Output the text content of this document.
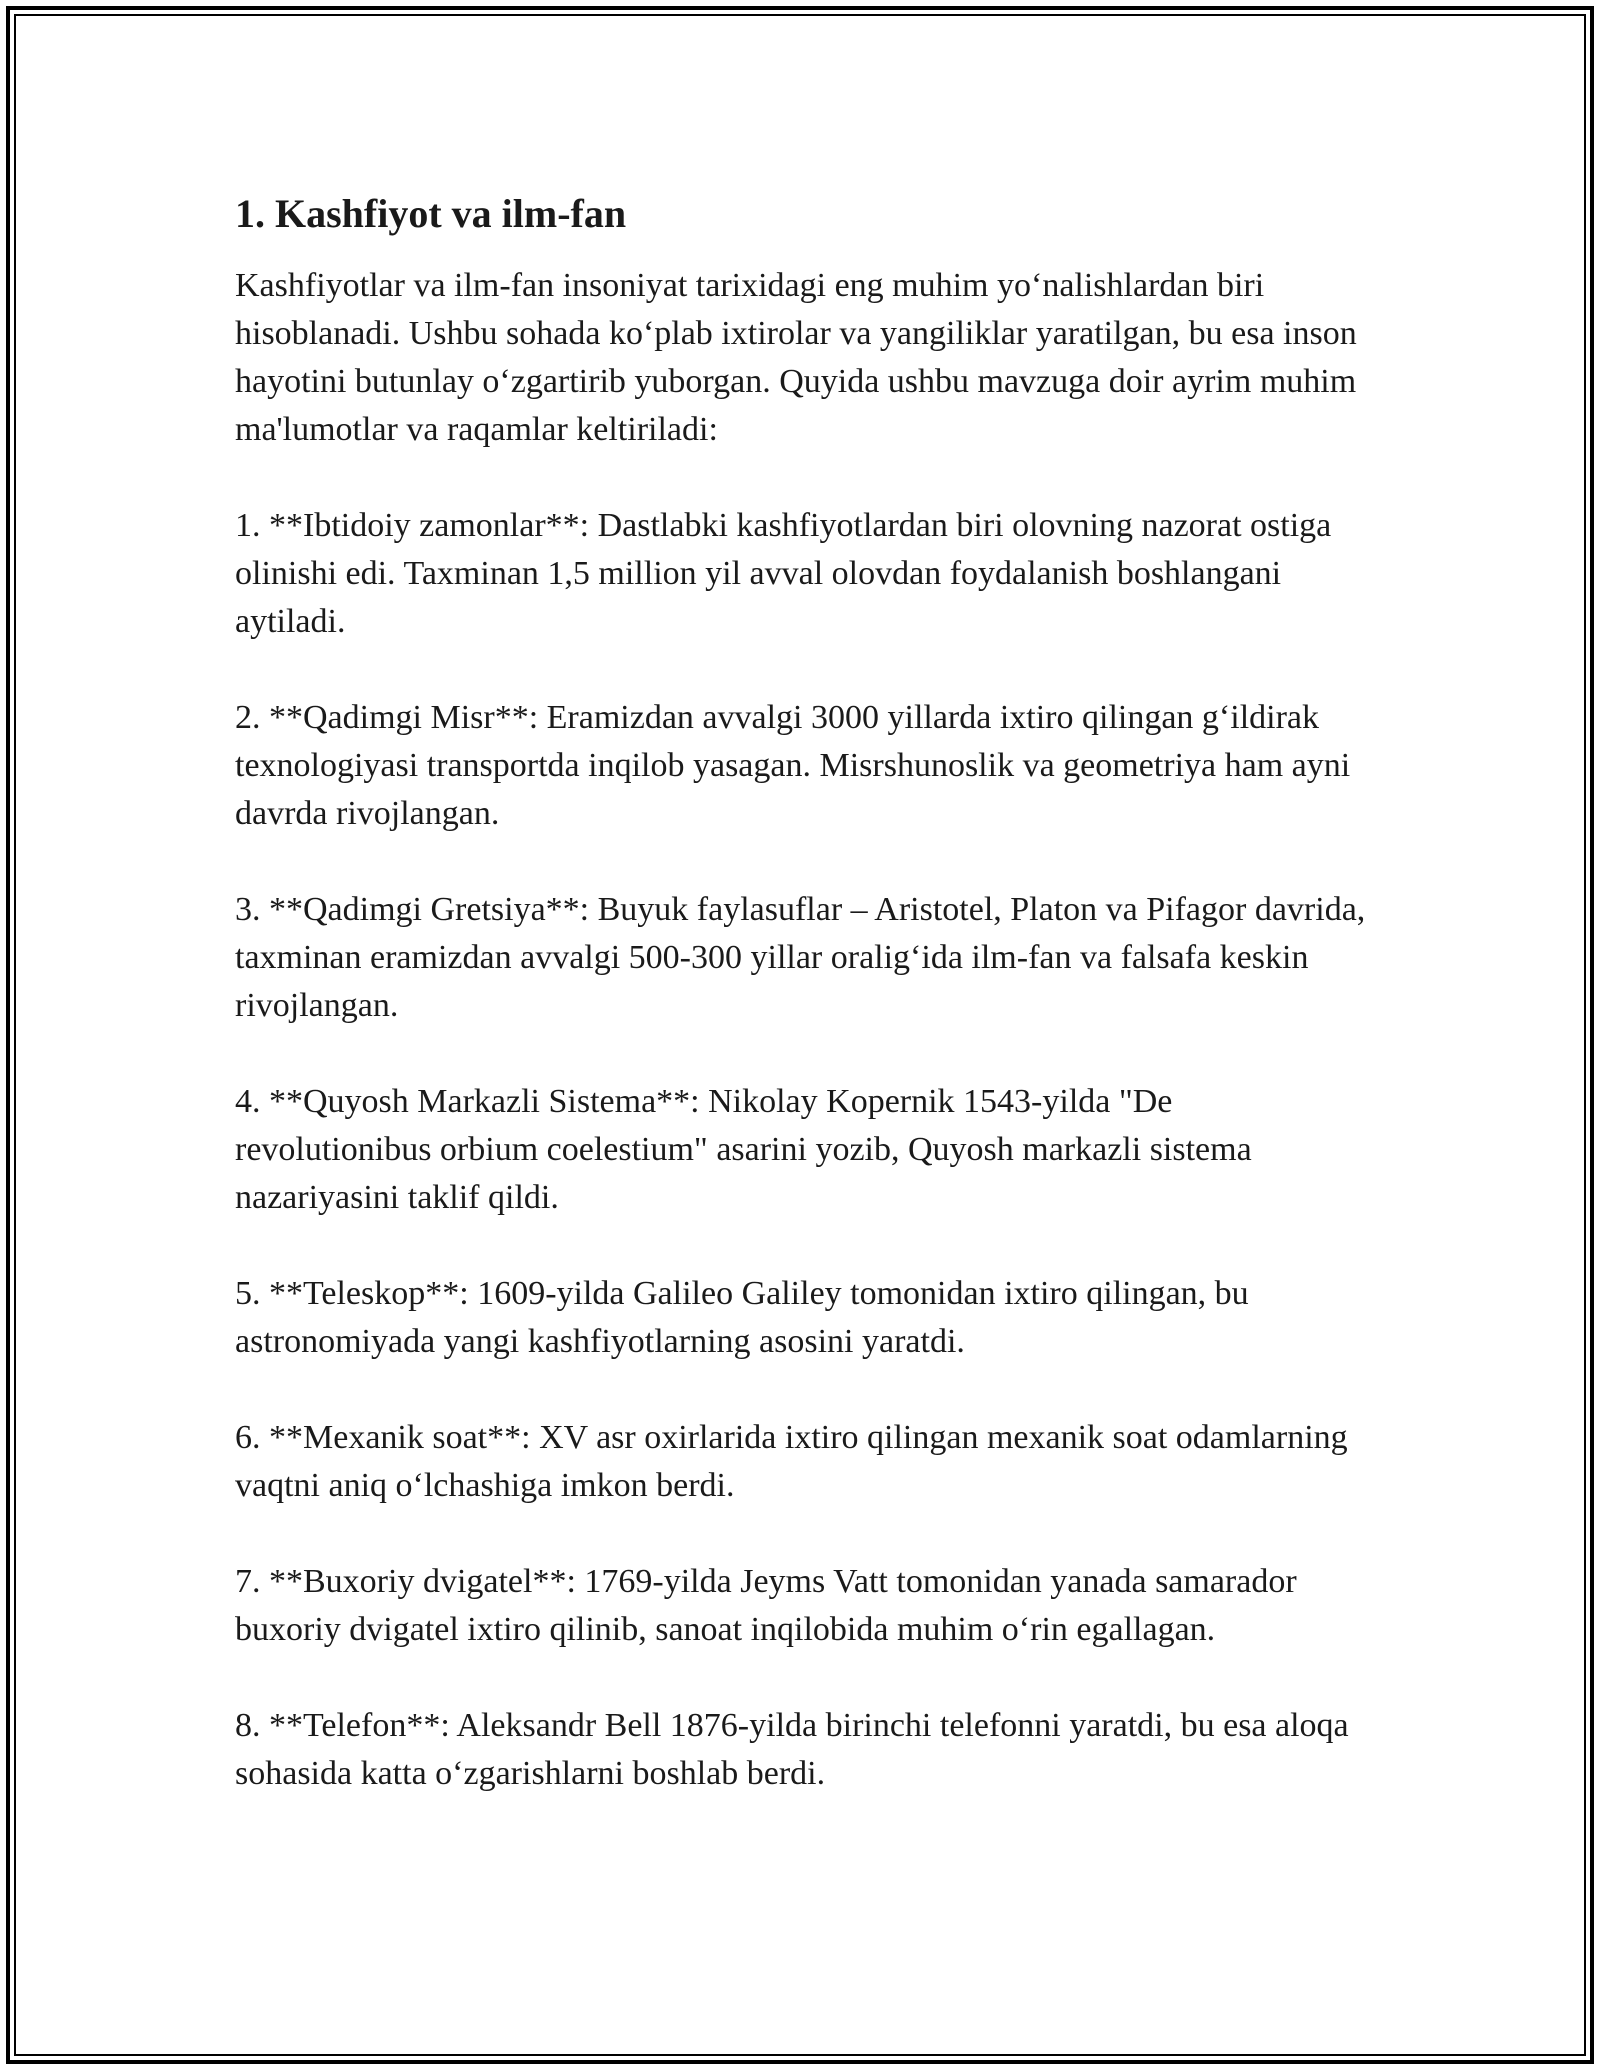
1. Kashfiyot va ilm-fan

Kashfiyotlar va ilm-fan insoniyat tarixidagi eng muhim yo‘nalishlardan biri hisoblanadi. Ushbu sohada ko‘plab ixtirolar va yangiliklar yaratilgan, bu esa inson hayotini butunlay o‘zgartirib yuborgan. Quyida ushbu mavzuga doir ayrim muhim ma'lumotlar va raqamlar keltiriladi:

1. **Ibtidoiy zamonlar**: Dastlabki kashfiyotlardan biri olovning nazorat ostiga olinishi edi. Taxminan 1,5 million yil avval olovdan foydalanish boshlangani aytiladi.

2. **Qadimgi Misr**: Eramizdan avvalgi 3000 yillarda ixtiro qilingan g‘ildirak texnologiyasi transportda inqilob yasagan. Misrshunoslik va geometriya ham ayni davrda rivojlangan.

3. **Qadimgi Gretsiya**: Buyuk faylasuflar – Aristotel, Platon va Pifagor davrida, taxminan eramizdan avvalgi 500-300 yillar oralig‘ida ilm-fan va falsafa keskin rivojlangan.

4. **Quyosh Markazli Sistema**: Nikolay Kopernik 1543-yilda "De revolutionibus orbium coelestium" asarini yozib, Quyosh markazli sistema nazariyasini taklif qildi.

5. **Teleskop**: 1609-yilda Galileo Galiley tomonidan ixtiro qilingan, bu astronomiyada yangi kashfiyotlarning asosini yaratdi.

6. **Mexanik soat**: XV asr oxirlarida ixtiro qilingan mexanik soat odamlarning vaqtni aniq o‘lchashiga imkon berdi.

7. **Buxoriy dvigatel**: 1769-yilda Jeyms Vatt tomonidan yanada samarador buxoriy dvigatel ixtiro qilinib, sanoat inqilobida muhim o‘rin egallagan.

8. **Telefon**: Aleksandr Bell 1876-yilda birinchi telefonni yaratdi, bu esa aloqa sohasida katta o‘zgarishlarni boshlab berdi.
